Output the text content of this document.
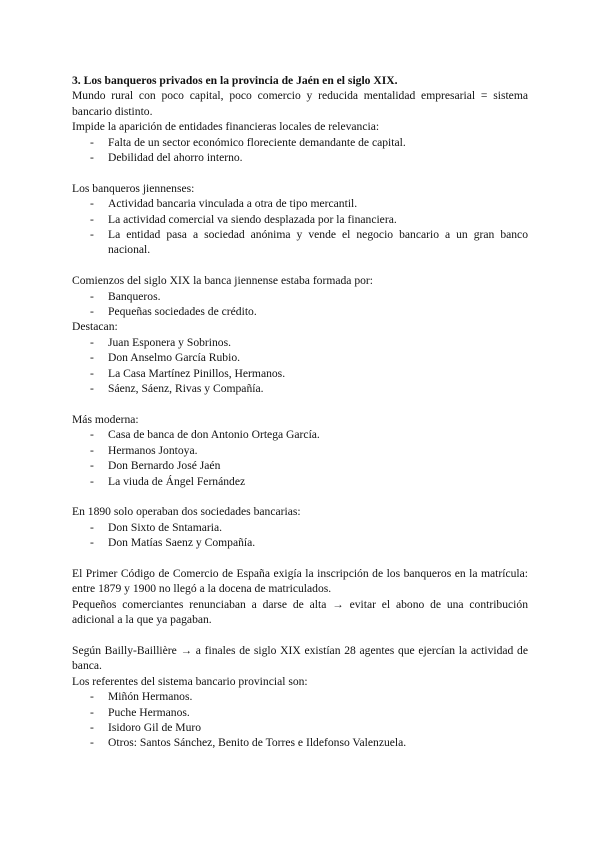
3. Los banqueros privados en la provincia de Jaén en el siglo XIX.

Mundo rural con poco capital, poco comercio y reducida mentalidad empresarial = sistema bancario distinto.

Impide la aparición de entidades financieras locales de relevancia:

- Falta de un sector económico floreciente demandante de capital.
- Debilidad del ahorro interno.

Los banqueros jiennenses:

- Actividad bancaria vinculada a otra de tipo mercantil.
- La actividad comercial va siendo desplazada por la financiera.
- La entidad pasa a sociedad anónima y vende el negocio bancario a un gran banco nacional.

Comienzos del siglo XIX la banca jiennense estaba formada por:

- Banqueros.
- Pequeñas sociedades de crédito.

Destacan:

- Juan Esponera y Sobrinos.
- Don Anselmo García Rubio.
- La Casa Martínez Pinillos, Hermanos.
- Sáenz, Sáenz, Rivas y Compañía.

Más moderna:

- Casa de banca de don Antonio Ortega García.
- Hermanos Jontoya.
- Don Bernardo José Jaén
- La viuda de Ángel Fernández

En 1890 solo operaban dos sociedades bancarias:

- Don Sixto de Sntamaria.
- Don Matías Saenz y Compañía.

El Primer Código de Comercio de España exigía la inscripción de los banqueros en la matrícula: entre 1879 y 1900 no llegó a la docena de matriculados.

Pequeños comerciantes renunciaban a darse de alta → evitar el abono de una contribución adicional a la que ya pagaban.

Según Bailly-Baillière → a finales de siglo XIX existían 28 agentes que ejercían la actividad de banca.

Los referentes del sistema bancario provincial son:

- Miñón Hermanos.
- Puche Hermanos.
- Isidoro Gil de Muro
- Otros: Santos Sánchez, Benito de Torres e Ildefonso Valenzuela.
